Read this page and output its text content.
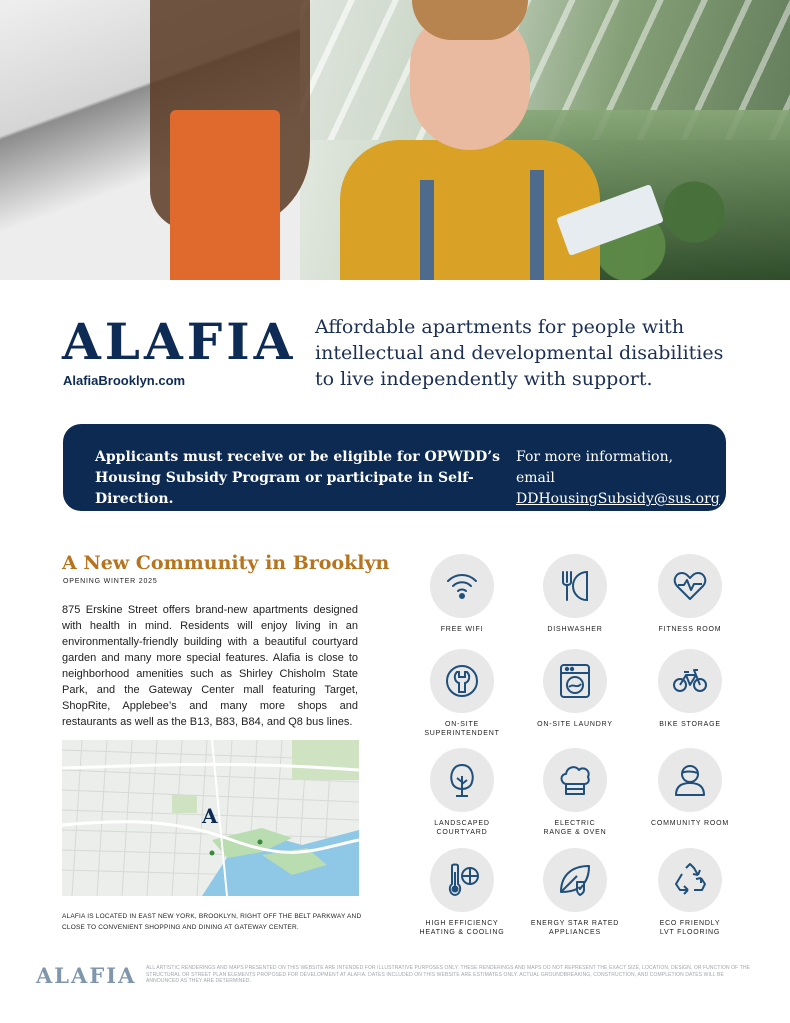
ALAFIA
AlafiaBrooklyn.com
Affordable apartments for people with intellectual and developmental disabilities to live independently with support.
Applicants must receive or be eligible for OPWDD’s Housing Subsidy Program or participate in Self-Direction.
For more information, email
DDHousingSubsidy@sus.org
A New Community in Brooklyn
OPENING WINTER 2025
875 Erskine Street offers brand-new apartments designed with health in mind. Residents will enjoy living in an environmentally-friendly building with a beautiful courtyard garden and many more special features. Alafia is close to neighborhood amenities such as Shirley Chisholm State Park, and the Gateway Center mall featuring Target, ShopRite, Applebee’s and many more shops and restaurants as well as the B13, B83, B84, and Q8 bus lines.
A
ALAFIA IS LOCATED IN EAST NEW YORK, BROOKLYN, RIGHT OFF THE BELT PARKWAY AND CLOSE TO CONVENIENT SHOPPING AND DINING AT GATEWAY CENTER.
FREE WIFI	DISHWASHER	FITNESS ROOM
ON-SITE
SUPERINTENDENT
ON-SITE LAUNDRY	BIKE STORAGE
LANDSCAPED
COURTYARD
ELECTRIC
RANGE & OVEN
COMMUNITY ROOM
HIGH EFFICIENCY
HEATING & COOLING
ENERGY STAR RATED
APPLIANCES
ECO FRIENDLY
LVT FLOORING
ALAFIA ALL ARTISTIC RENDERINGS AND MAPS PRESENTED ON THIS WEBSITE ARE INTENDED FOR ILLUSTRATIVE PURPOSES ONLY. THESE RENDERINGS AND MAPS DO NOT REPRESENT THE EXACT SIZE, LOCATION, DESIGN, OR FUNCTION OF THE STRUCTURAL OR STREET PLAN ELEMENTS PROPOSED FOR DEVELOPMENT AT ALAFIA. DATES INCLUDED ON THIS WEBSITE ARE ESTIMATES ONLY. ACTUAL GROUNDBREAKING, CONSTRUCTION, AND COMPLETION DATES WILL BE ANNOUNCED AS THEY ARE DETERMINED.
